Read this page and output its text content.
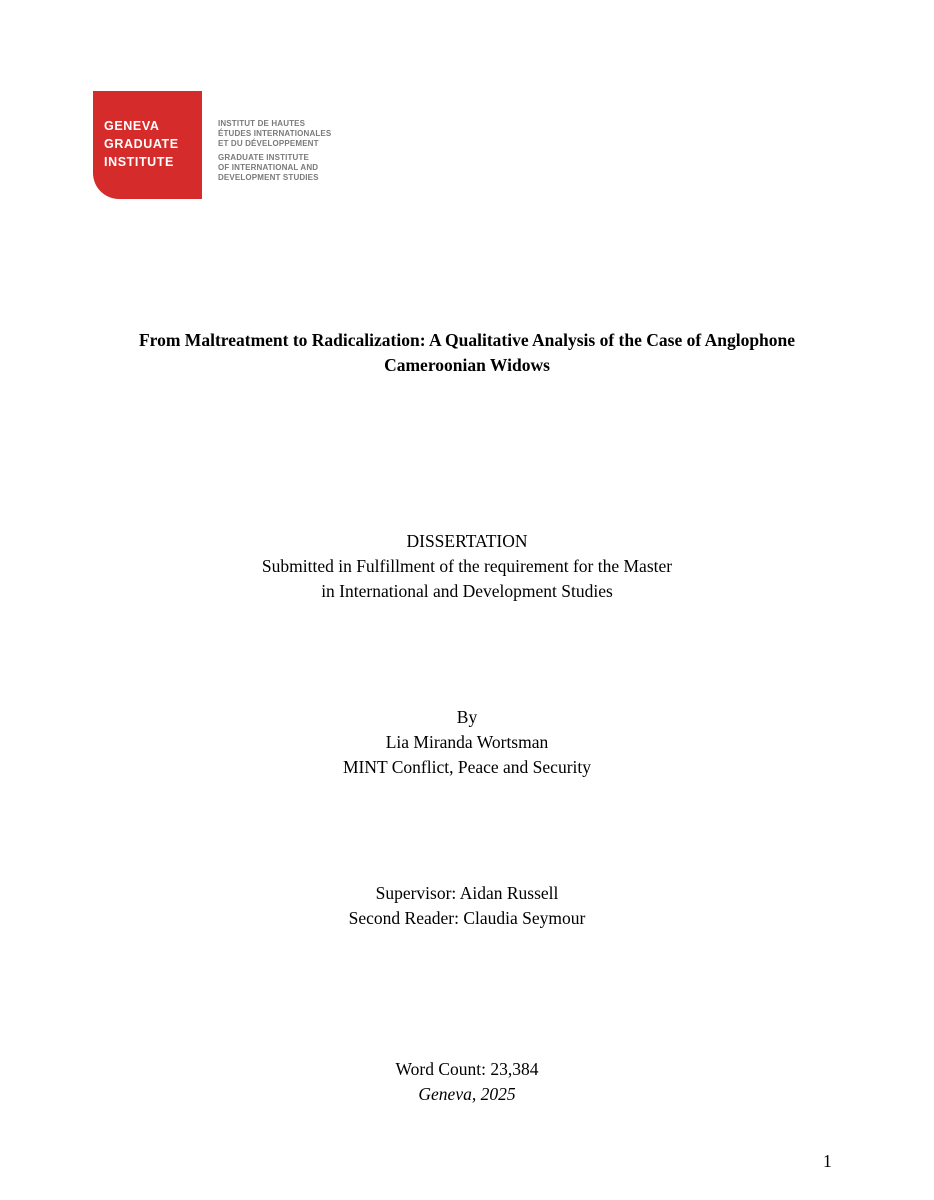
GENEVA
GRADUATE
INSTITUTE
INSTITUT DE HAUTES
ÉTUDES INTERNATIONALES
ET DU DÉVELOPPEMENT
GRADUATE INSTITUTE
OF INTERNATIONAL AND
DEVELOPMENT STUDIES
From Maltreatment to Radicalization: A Qualitative Analysis of the Case of Anglophone
Cameroonian Widows
DISSERTATION
Submitted in Fulfillment of the requirement for the Master
in International and Development Studies
By
Lia Miranda Wortsman
MINT Conflict, Peace and Security
Supervisor: Aidan Russell
Second Reader: Claudia Seymour
Word Count: 23,384
Geneva, 2025
1
